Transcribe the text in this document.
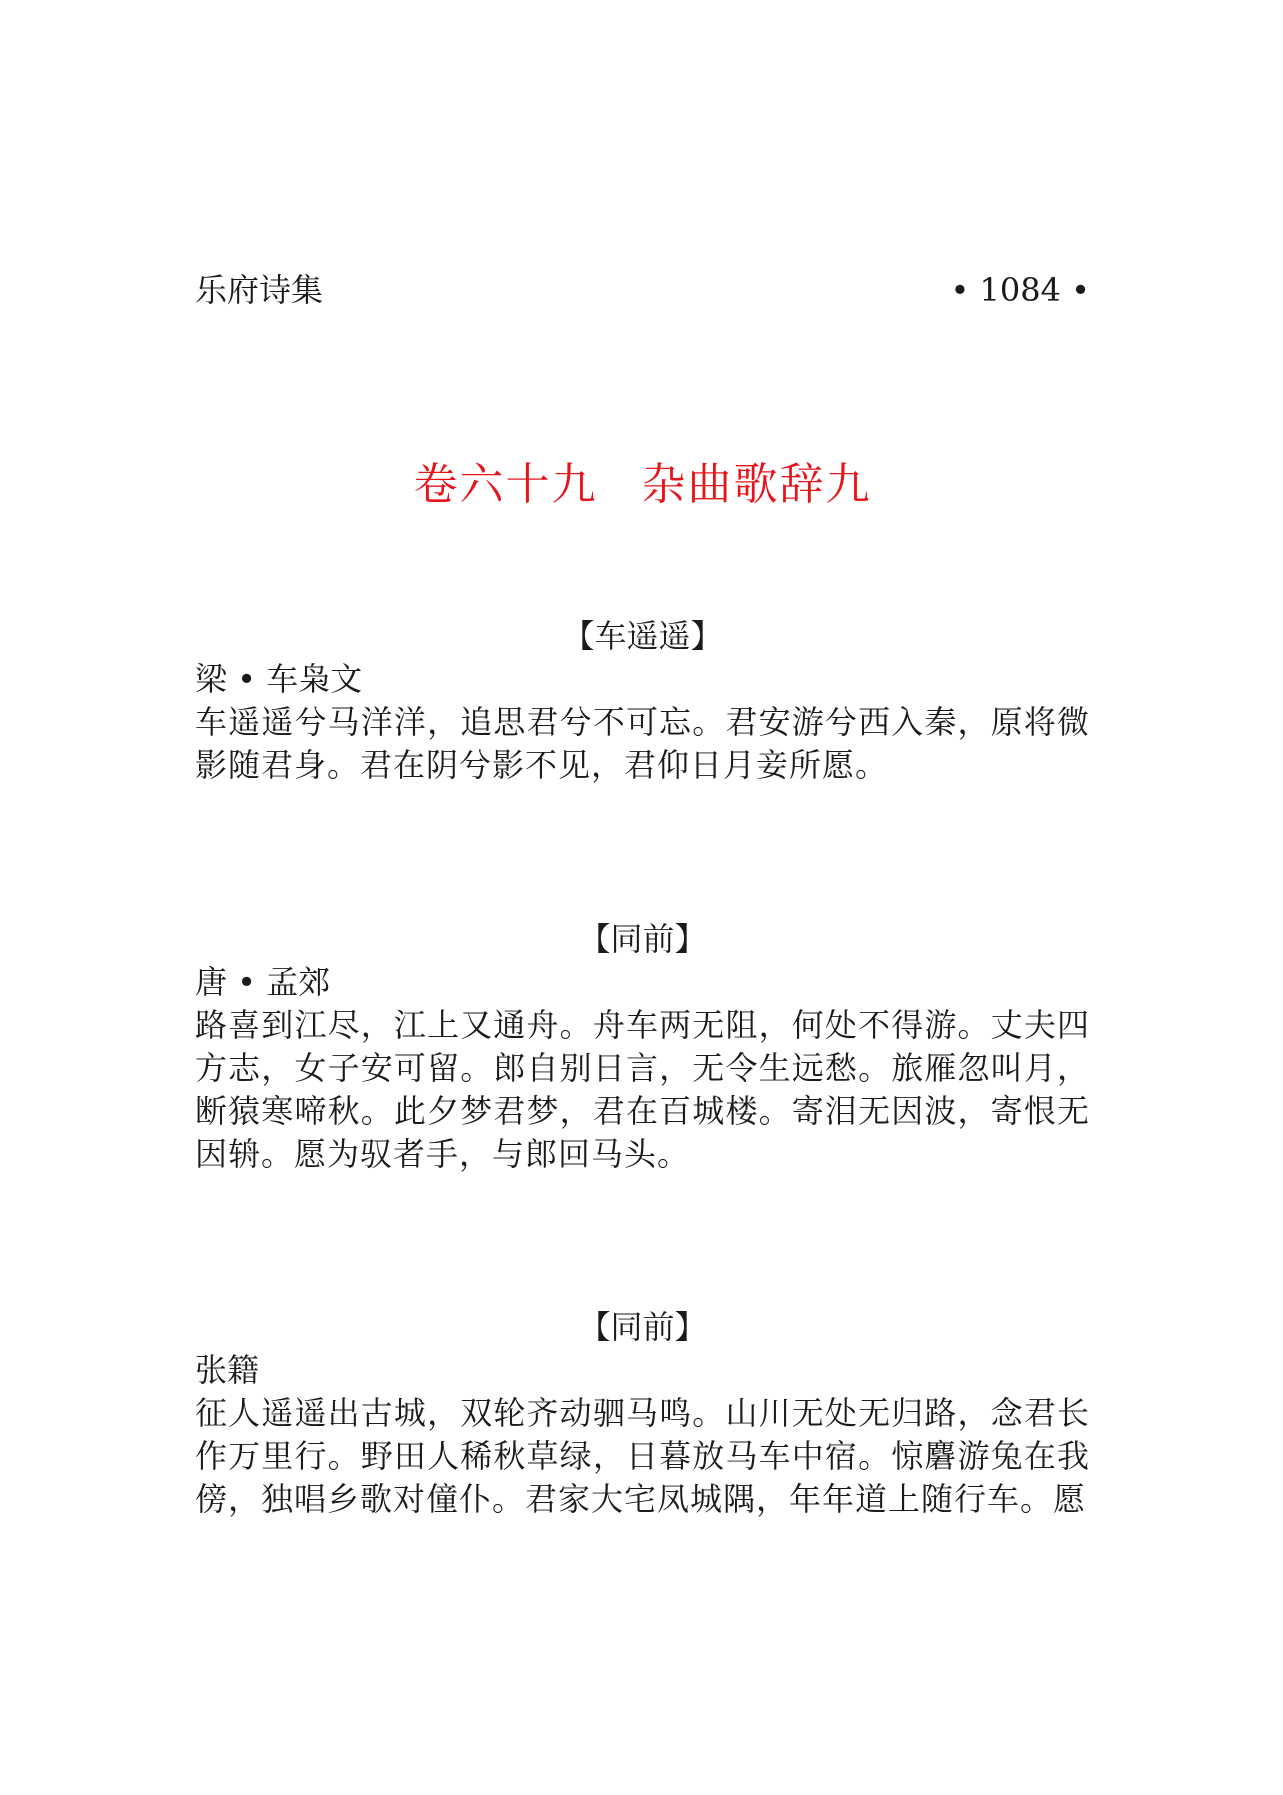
乐府诗集	• 1084 •
卷六十九 杂曲歌辞九
【车遥遥】
梁 • 车枭文

车遥遥兮马洋洋，追思君兮不可忘。君安游兮西入秦，原将微影随君身。君在阴兮影不见，君仰日月妾所愿。

【同前】
唐 • 孟郊

路喜到江尽，江上又通舟。舟车两无阻，何处不得游。丈夫四方志，女子安可留。郎自别日言，无令生远愁。旅雁忽叫月，断猿寒啼秋。此夕梦君梦，君在百城楼。寄泪无因波，寄恨无因辀。愿为驭者手，与郎回马头。

【同前】
张籍

征人遥遥出古城，双轮齐动驷马鸣。山川无处无归路，念君长作万里行。野田人稀秋草绿，日暮放马车中宿。惊麏游兔在我傍，独唱乡歌对僮仆。君家大宅凤城隅，年年道上随行车。愿
